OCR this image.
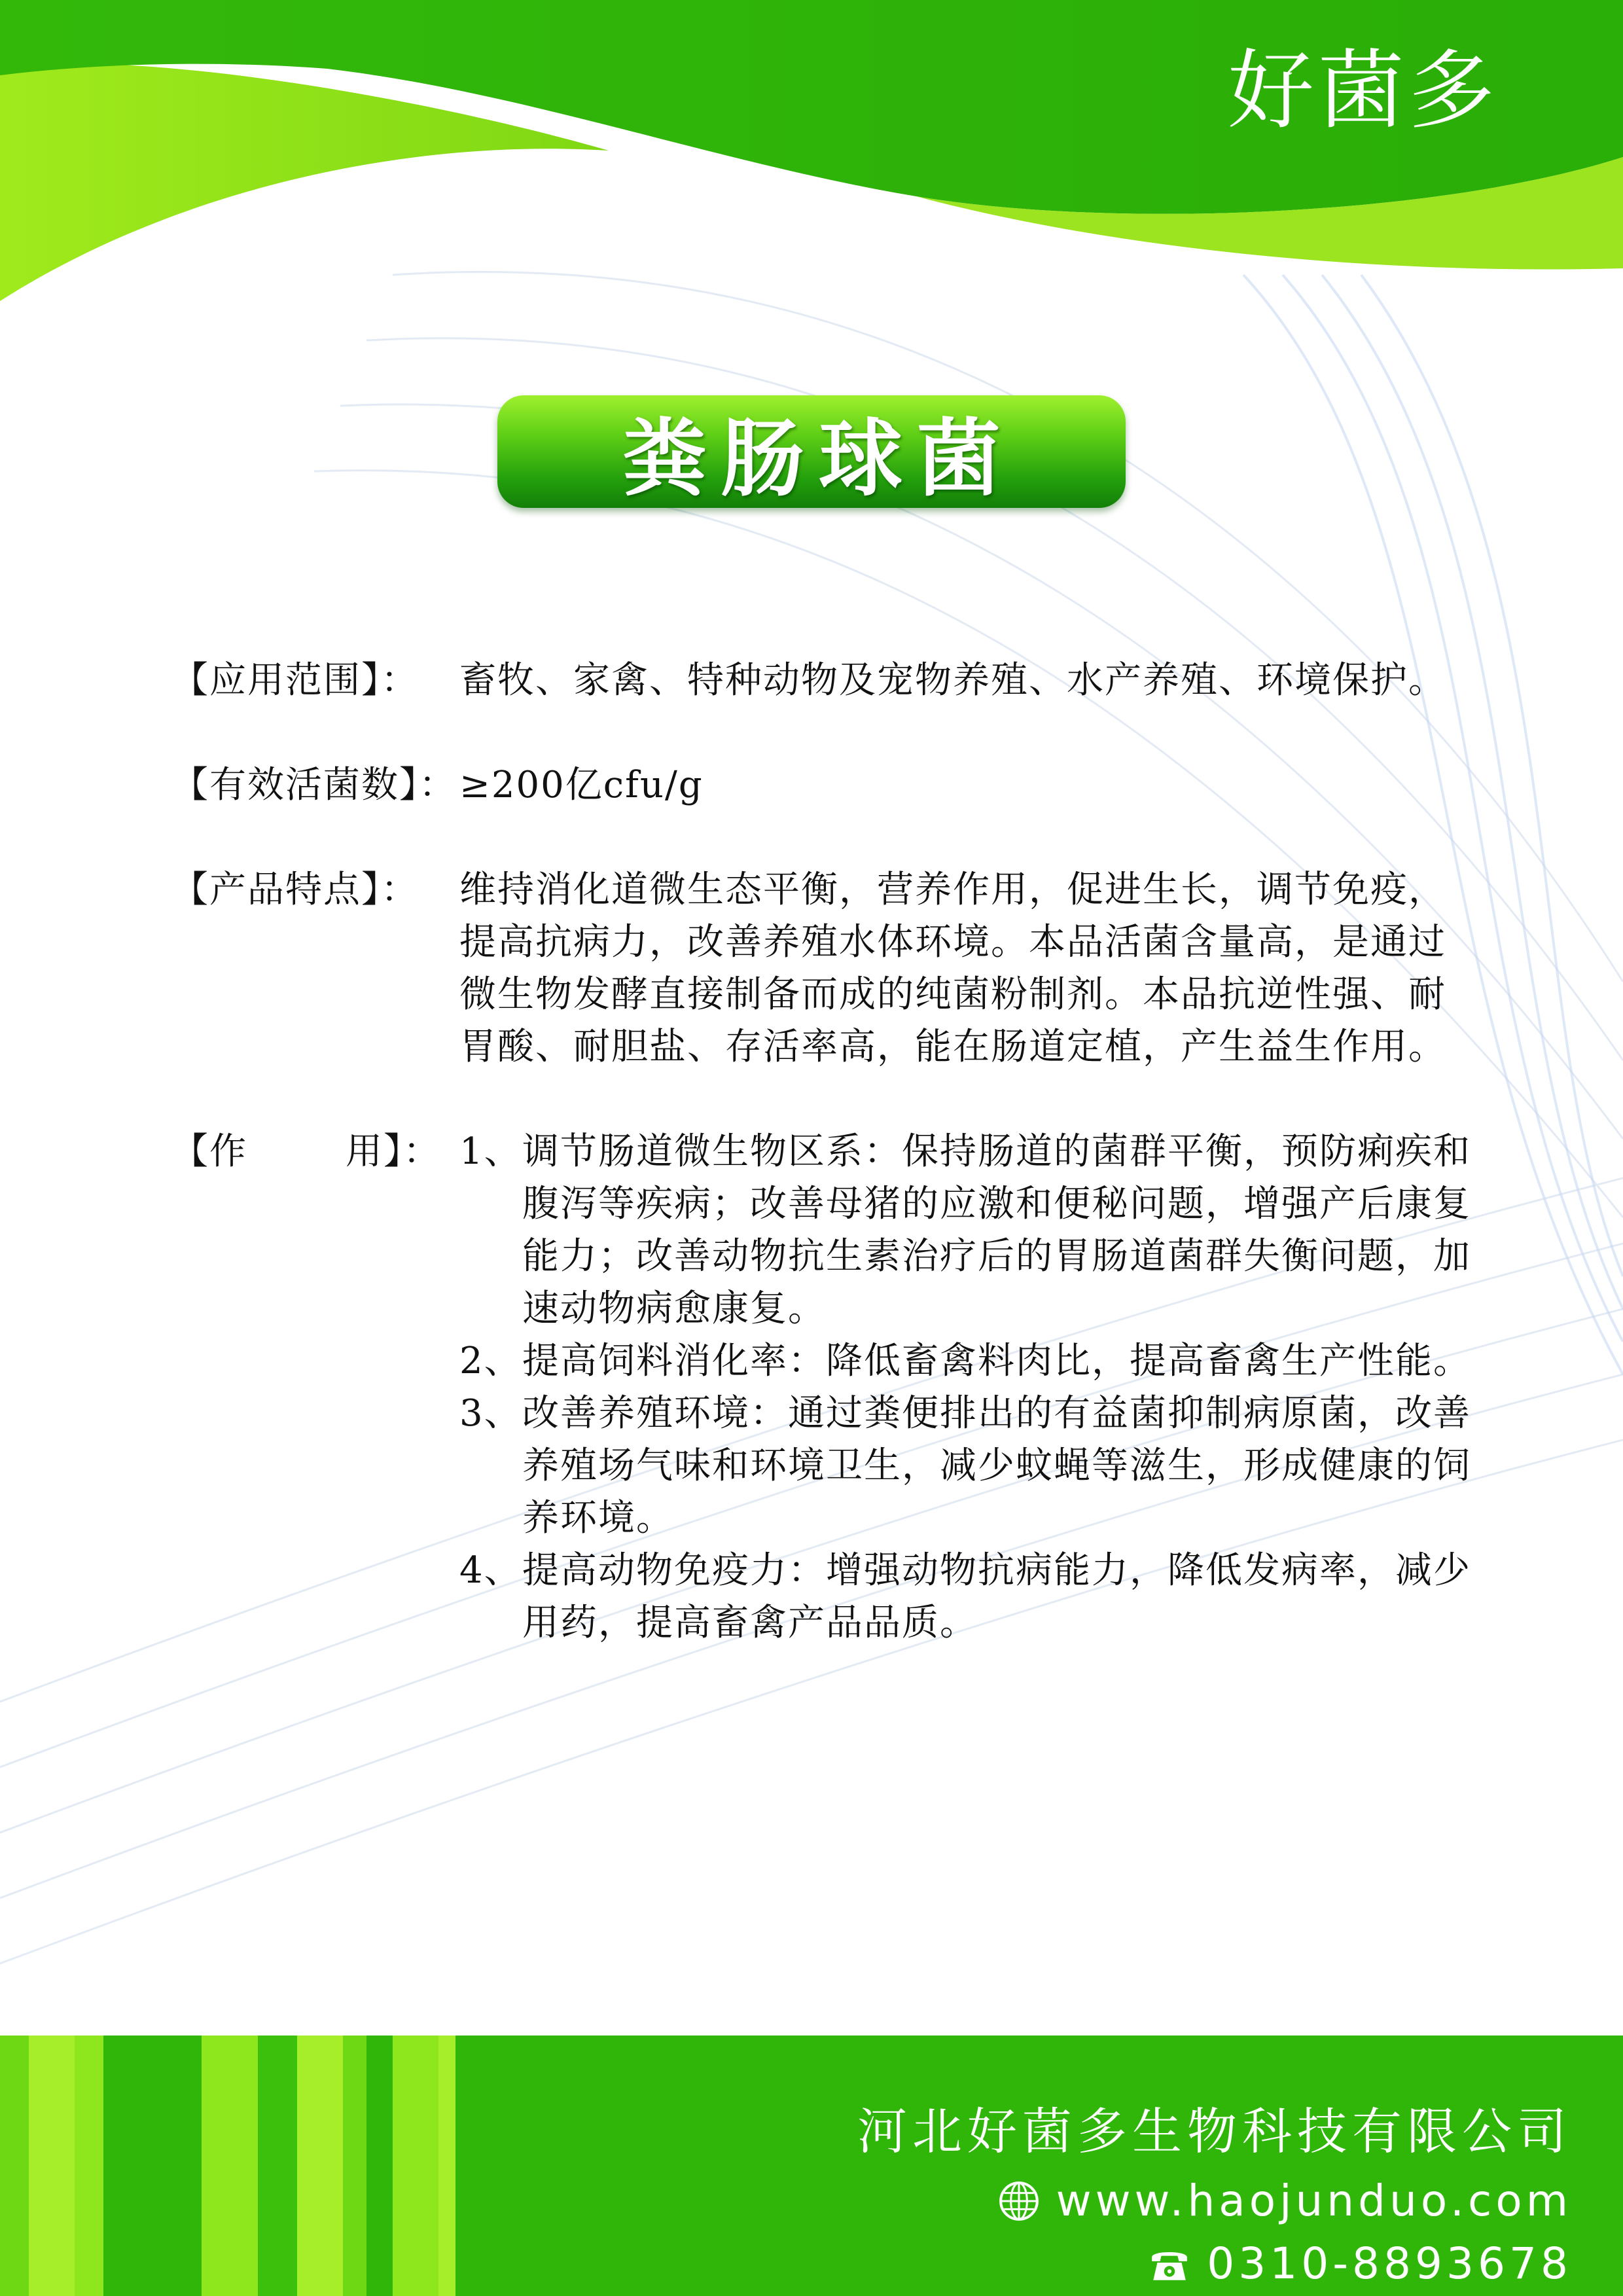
好菌多
粪肠球菌
【应用范围】：	畜牧、家禽、特种动物及宠物养殖、水产养殖、环境保护。
【有效活菌数】： ≥200亿cfu/g
【产品特点】：	维持消化道微生态平衡，营养作用，促进生长，调节免疫，提高抗病力，改善养殖水体环境。本品活菌含量高，是通过微生物发酵直接制备而成的纯菌粉制剂。本品抗逆性强、耐胃酸、耐胆盐、存活率高，能在肠道定植，产生益生作用。
【作	用】： 1、 调节肠道微生物区系：保持肠道的菌群平衡，预防痢疾和腹泻等疾病；改善母猪的应激和便秘问题，增强产后康复能力；改善动物抗生素治疗后的胃肠道菌群失衡问题，加速动物病愈康复。
2、 提高饲料消化率：降低畜禽料肉比，提高畜禽生产性能。
3、 改善养殖环境：通过粪便排出的有益菌抑制病原菌，改善养殖场气味和环境卫生，减少蚊蝇等滋生，形成健康的饲养环境。
4、 提高动物免疫力：增强动物抗病能力，降低发病率，减少用药，提高畜禽产品品质。
河北好菌多生物科技有限公司
www.haojunduo.com
0310-8893678
